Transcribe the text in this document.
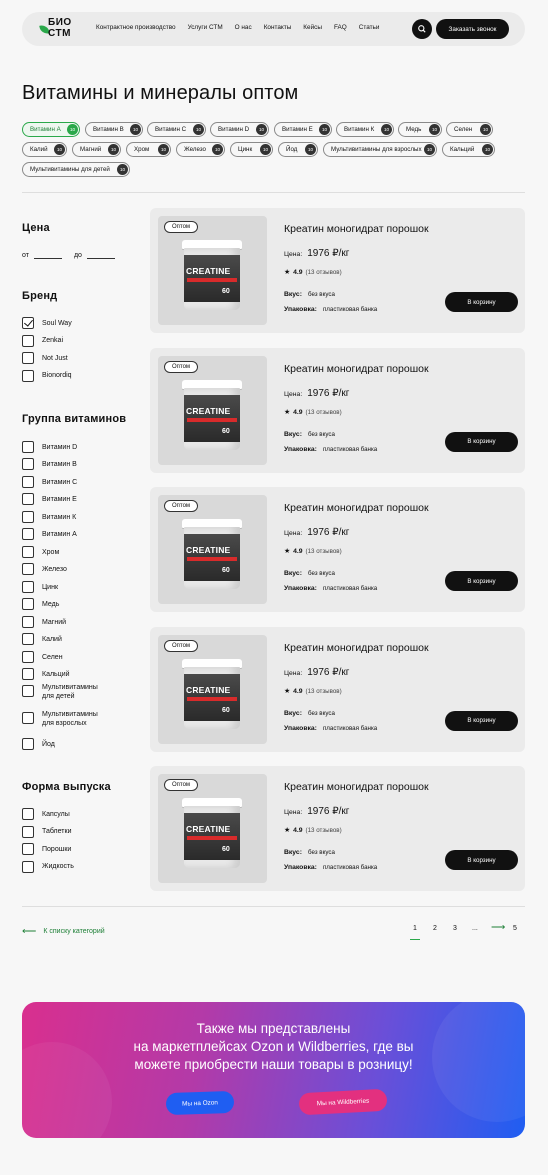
БИО
СТМ
Контрактное производство Услуги СТМ О нас Контакты Кейсы FAQ Статьи	Заказать звонок
Витамины и минералы оптом
Витамин А	10	Витамин В	10	Витамин С	10	Витамин D	10	Витамин Е	10	Витамин К	10	Медь	10	Селен	10
Калий	10	Магний	10	Хром	10	Железо	10	Цинк	10	Йод	10	Мультивитамины для взрослых	10	Кальций	10
Мультивитамины для детей	10
Цена
от	до
Бренд
Soul Way
Zenkai
Not Just
Bionordiq
Группа витаминов
Витамин D
Витамин B
Витамин С
Витамин Е
Витамин К
Витамин А
Хром
Железо
Цинк
Медь
Магний
Калий
Селен
Кальций
Мультивитамины
для детей
Мультивитамины
для взрослых
Йод
Форма выпуска
Капсулы
Таблетки
Порошки
Жидкость
Оптом
CREATINE
60
Креатин моногидрат порошок
Цена: 1976 ₽/кг
★ 4.9 (13 отзывов)
Вкус: без вкуса
Упаковка: пластиковая банка
В корзину
Оптом
CREATINE
60
Креатин моногидрат порошок
Цена: 1976 ₽/кг
★ 4.9 (13 отзывов)
Вкус: без вкуса
Упаковка: пластиковая банка
В корзину
Оптом
CREATINE
60
Креатин моногидрат порошок
Цена: 1976 ₽/кг
★ 4.9 (13 отзывов)
Вкус: без вкуса
Упаковка: пластиковая банка
В корзину
Оптом
CREATINE
60
Креатин моногидрат порошок
Цена: 1976 ₽/кг
★ 4.9 (13 отзывов)
Вкус: без вкуса
Упаковка: пластиковая банка
В корзину
Оптом
CREATINE
60
Креатин моногидрат порошок
Цена: 1976 ₽/кг
★ 4.9 (13 отзывов)
Вкус: без вкуса
Упаковка: пластиковая банка
В корзину
⟵ К списку категорий	1 2 3 ...	5
⟶
Также мы представлены
на маркетплейсах Ozon и Wildberries, где вы
можете приобрести наши товары в розницу!
Мы на Ozon	Мы на Wildberries
